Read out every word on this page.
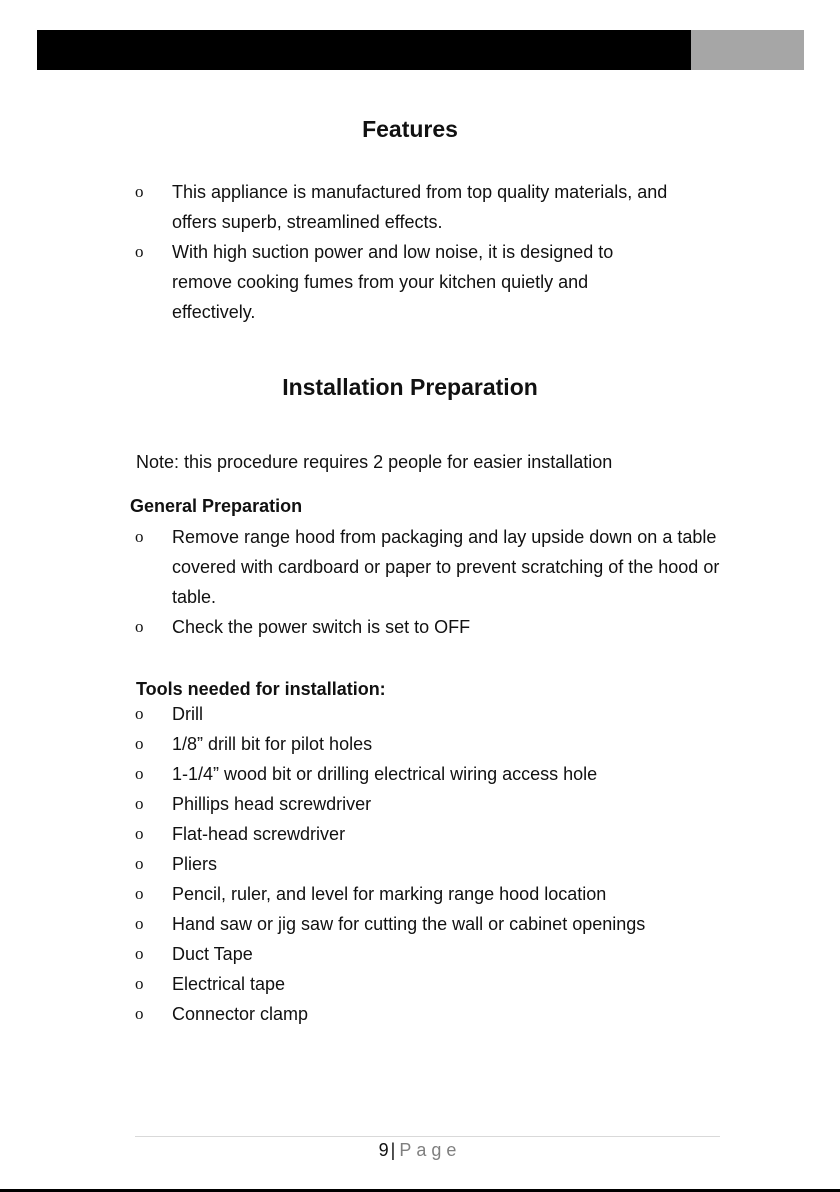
Features
o This appliance is manufactured from top quality materials, and offers superb, streamlined effects.
o With high suction power and low noise, it is designed to remove cooking fumes from your kitchen quietly and effectively.
Installation Preparation

Note: this procedure requires 2 people for easier installation

General Preparation
o Remove range hood from packaging and lay upside down on a table covered with cardboard or paper to prevent scratching of the hood or table.
o Check the power switch is set to OFF
Tools needed for installation:
o Drill
o 1/8” drill bit for pilot holes
o 1-1/4” wood bit or drilling electrical wiring access hole
o Phillips head screwdriver
o Flat-head screwdriver
o Pliers
o Pencil, ruler, and level for marking range hood location
o Hand saw or jig saw for cutting the wall or cabinet openings
o Duct Tape
o Electrical tape
o Connector clamp
9 | Page
